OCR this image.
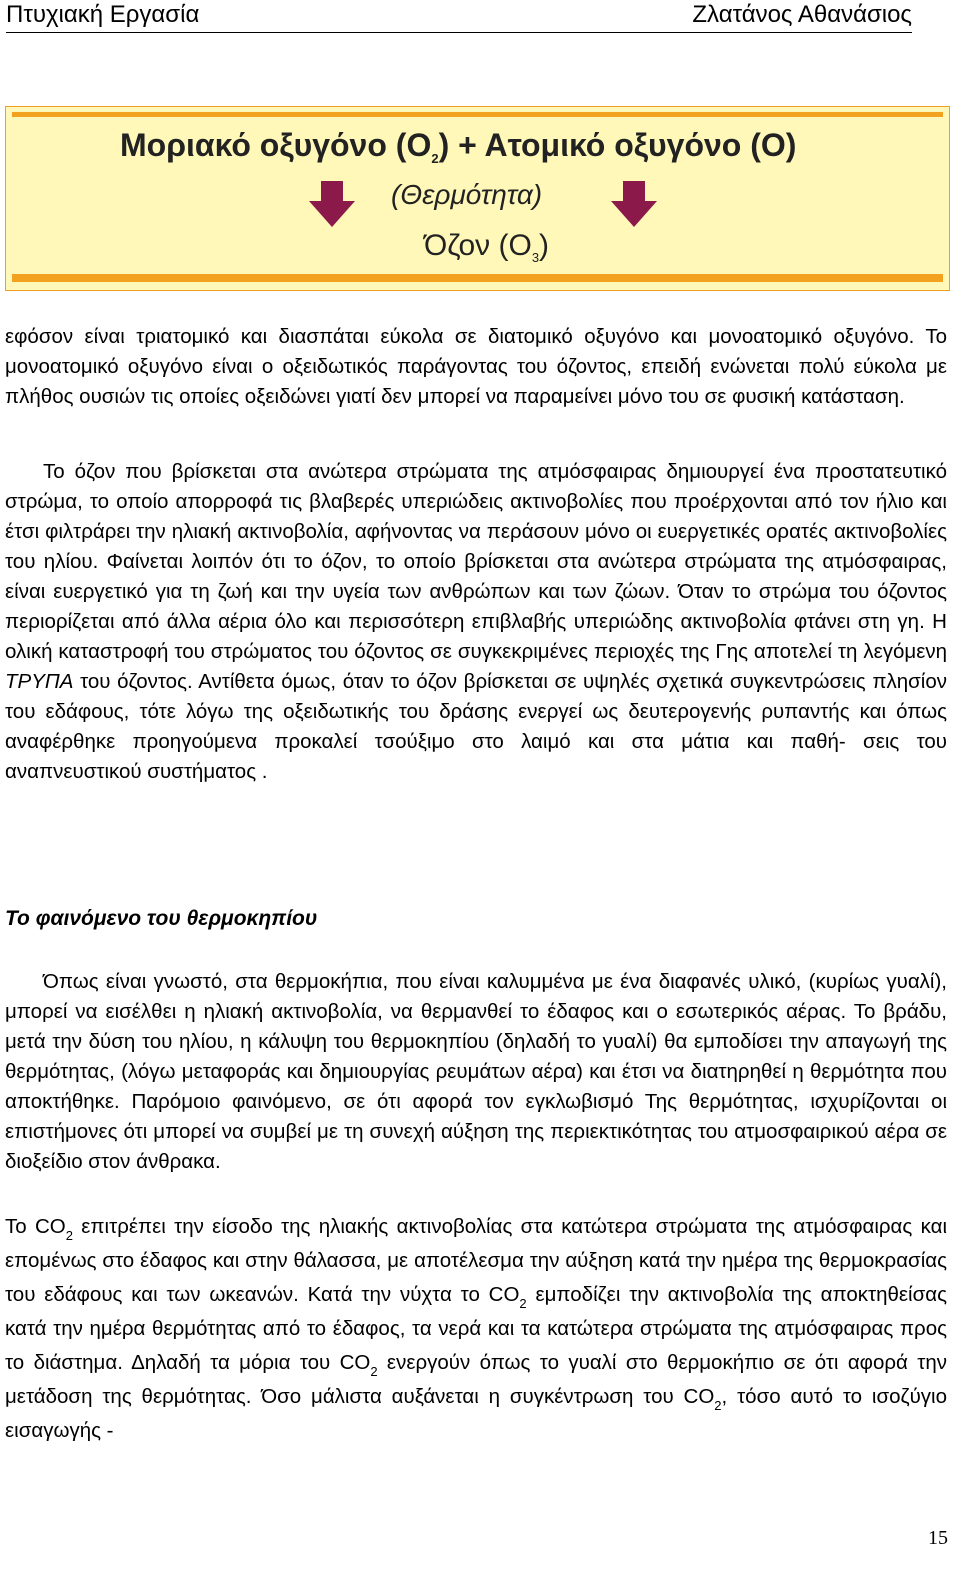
Πτυχιακή Εργασία	Ζλατάνος Αθανάσιος
Μοριακό οξυγόνο $(O_2) + A\tau o\mu\iota\kappa ό$ οξυγόνο (O)
(Θερμότητα)
Όζον $(O_3)$
εφόσον είναι τριατομικό και διασπάται εύκολα σε διατομικό οξυγόνο και μονοατομικό οξυγόνο. Το μονοατομικό οξυγόνο είναι ο οξειδωτικός παράγοντας του όζοντος, επειδή ενώνεται πολύ εύκολα με πλήθος ουσιών τις οποίες οξειδώνει γιατί δεν μπορεί να παραμείνει μόνο του σε φυσική κατάσταση.
Το όζον που βρίσκεται στα ανώτερα στρώματα της ατμόσφαιρας δημιουργεί ένα προστατευτικό στρώμα, το οποίο απορροφά τις βλαβερές υπεριώδεις ακτινοβολίες που προέρχονται από τον ήλιο και έτσι φιλτράρει την ηλιακή ακτινοβολία, αφήνοντας να περάσουν μόνο οι ευεργετικές ορατές ακτινοβολίες του ηλίου. Φαίνεται λοιπόν ότι το όζον, το οποίο βρίσκεται στα ανώτερα στρώματα της ατμόσφαιρας, είναι ευεργετικό για τη ζωή και την υγεία των ανθρώπων και των ζώων. Όταν το στρώμα του όζοντος περιορίζεται από άλλα αέρια όλο και περισσότερη επιβλαβής υπεριώδης ακτινοβολία φτάνει στη γη. Η ολική καταστροφή του στρώματος του όζοντος σε συγκεκριμένες περιοχές της Γης αποτελεί τη λεγόμενη ΤΡΥΠΑ του όζοντος. Αντίθετα όμως, όταν το όζον βρίσκεται σε υψηλές σχετικά συγκεντρώσεις πλησίον του εδάφους, τότε λόγω της οξειδωτικής του δράσης ενεργεί ως δευτερογενής ρυπαντής και όπως αναφέρθηκε προηγούμενα προκαλεί τσούξιμο στο λαιμό και στα μάτια και παθή- σεις του αναπνευστικού συστήματος .
Το φαινόμενο του θερμοκηπίου
Όπως είναι γνωστό, στα θερμοκήπια, που είναι καλυμμένα με ένα διαφανές υλικό, (κυρίως γυαλί), μπορεί να εισέλθει η ηλιακή ακτινοβολία, να θερμανθεί το έδαφος και ο εσωτερικός αέρας. Το βράδυ, μετά την δύση του ηλίου, η κάλυψη του θερμοκηπίου (δηλαδή το γυαλί) θα εμποδίσει την απαγωγή της θερμότητας, (λόγω μεταφοράς και δημιουργίας ρευμάτων αέρα) και έτσι να διατηρηθεί η θερμότητα που αποκτήθηκε. Παρόμοιο φαινόμενο, σε ότι αφορά τον εγκλωβισμό Της θερμότητας, ισχυρίζονται οι επιστήμονες ότι μπορεί να συμβεί με τη συνεχή αύξηση της περιεκτικότητας του ατμοσφαιρικού αέρα σε διοξείδιο στον άνθρακα.
Το $CO_2$ επιτρέπει την είσοδο της ηλιακής ακτινοβολίας στα κατώτερα στρώματα της ατμόσφαιρας και επομένως στο έδαφος και στην θάλασσα, με αποτέλεσμα την αύξηση κατά την ημέρα της θερμοκρασίας του εδάφους και των ωκεανών. Κατά την νύχτα το $CO_2$ εμποδίζει την ακτινοβολία της αποκτηθείσας κατά την ημέρα θερμότητας από το έδαφος, τα νερά και τα κατώτερα στρώματα της ατμόσφαιρας προς το διάστημα. Δηλαδή τα μόρια του $CO_2$ ενεργούν όπως το γυαλί στο θερμοκήπιο σε ότι αφορά την μετάδοση της θερμότητας. Όσο μάλιστα αυξάνεται η συγκέντρωση του $CO_2$, τόσο αυτό το ισοζύγιο εισαγωγής -
15
